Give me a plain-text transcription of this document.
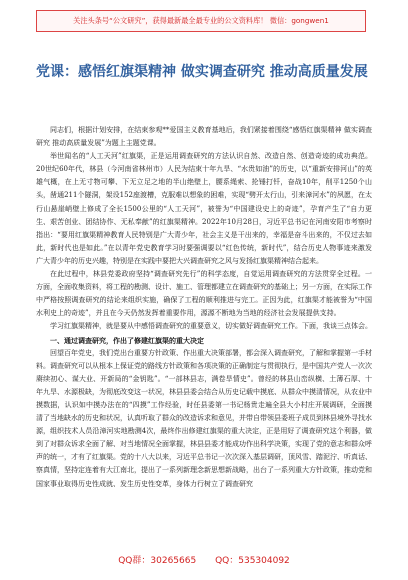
关注头条号“公文研究”，获得最新最全最专业的公文资料库！ 微信：gongwen1
党课：感悟红旗渠精神 做实调查研究 推动高质量发展

同志们，根据计划安排，在结束参观**爱国主义教育基地后，我们紧接着围绕“感悟红旗渠精神 做实调查研究 推动高质量发展”为题上主题党课。

举世闻名的“人工天河”红旗渠，正是运用调查研究的方法认识自然、改造自然、创造奇迹的成功典范。20世纪60年代，林县（今河南省林州市）人民为结束十年九旱、“水贵如油”的历史，以“重新安排河山”的英雄气概，在上无寸物可攀、下无立足之地的半山绝壁上，腰系绳索、抡锤打钎，奋战10年，削平1250个山头，凿通211个隧洞，架设152座渡槽，克服难以想象的困难，实现“劈开太行山，引来漳河水”的夙愿，在太行山悬崖峭壁上修成了全长1500公里的“人工天河”，被誉为“中国建设史上的奇迹”，孕育产生了“自力更生、艰苦创业、团结协作、无私奉献”的红旗渠精神。2022年10月28日，习近平总书记在河南安阳市考察时指出：“要用红旗渠精神教育人民特别是广大青少年，社会主义是干出来的，幸福是奋斗出来的，不仅过去如此，新时代也是如此。”在以青年党史教育学习时要强调要以“红色传统，新时代”，结合历史人物事迹来激发广大青少年的历史兴趣，特别是在实践中要把大兴调查研究之风与发扬红旗渠精神结合起来。

在此过程中，林县党委政府坚持“调查研究先行”的科学态度，自觉运用调查研究的方法贯穿全过程。一方面，全面收集资料，将工程的勘测、设计、施工、管理都建立在调查研究的基础上；另一方面，在实际工作中严格按照调查研究的结论来组织实施，确保了工程的顺利推进与完工。正因为此，红旗渠才能被誉为“中国水利史上的奇迹”，并且在今天仍然发挥着重要作用，源源不断地为当地的经济社会发展提供支持。

学习红旗渠精神，就是要从中感悟调查研究的重要意义，切实做好调查研究工作。下面，我谈三点体会。

一、通过调查研究，作出了修建红旗渠的重大决定

回望百年党史，我们党出台重要方针政策、作出重大决策部署，都会深入调查研究，了解和掌握第一手材料。调查研究可以从根本上保证党的路线方针政策和各项决策的正确制定与贯彻执行，是中国共产党人一次次赓续初心、谋大业、开新局的“金钥匙”。“一部林县志，满卷旱情史”。曾经的林县山峦纵横、土薄石厚、十年九旱、水源极缺，为彻底改变这一状况，林县县委会结合从历史记载中摸底、从群众中摸清情况，从农业中摸数据，认识如中摸办法在的“四摸”工作经验，时任县委第一书记杨贵走遍全县大小村庄开展调研，全面摸清了当地缺水的历史和状况，认真听取了群众的改造诉求和意见，并带自带领县委班子成员到林县境外寻找水源，组织技术人员沿漳河实地勘测4次，最终作出修建红旗渠的重大决定，正是用好了调查研究这个利器，做到了对群众诉求全面了解、对当地情况全面掌握，林县县委才能成功作出科学决策，实现了党的意志和群众呼声的统一，才有了红旗渠。党的十八大以来，习近平总书记一次次深入基层调研，顶风雪、踏泥泞、听真话、察真情，坚持定连着有大江南北，提出了一系列新理念新思想新战略，出台了一系列重大方针政策，推动党和国家事业取得历史性成就、发生历史性变革，身体力行树立了调查研究

QQ群：30265665 QQ：535304092
